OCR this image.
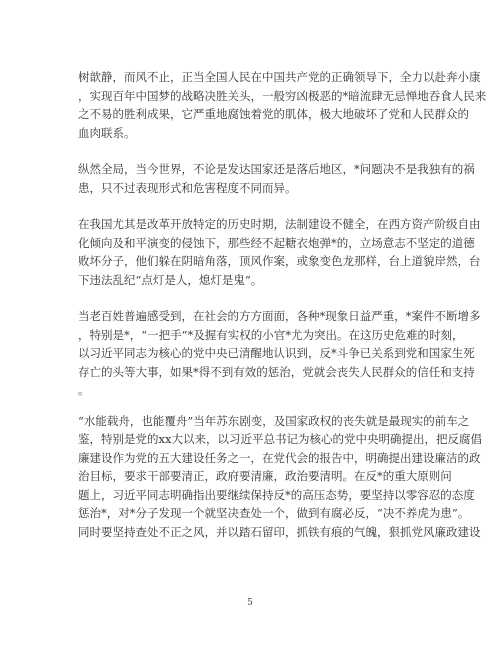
树歆静，而风不止，正当全国人民在中国共产党的正确领导下，全力以赴奔小康
，实现百年中国梦的战略决胜关头，一般穷凶极恶的*暗流肆无忌惮地吞食人民来
之不易的胜利成果，它严重地腐蚀着党的肌体，极大地破坏了党和人民群众的
血肉联系。
纵然全局，当今世界，不论是发达国家还是落后地区，*问题决不是我独有的祸
患，只不过表现形式和危害程度不同而异。
在我国尤其是改革开放特定的历史时期，法制建设不健全，在西方资产阶级自由
化倾向及和平演变的侵蚀下，那些经不起糖衣炮弹*的，立场意志不坚定的道德
败坏分子，他们躲在阴暗角落，顶风作案，或象变色龙那样，台上道貌岸然，台
下违法乱纪“点灯是人，熄灯是鬼”。
当老百姓普遍感受到，在社会的方方面面，各种*现象日益严重，*案件不断增多
，特别是*，“一把手”*及握有实权的小官*尤为突出。在这历史危难的时刻，
以习近平同志为核心的党中央已清醒地认识到，反*斗争已关系到党和国家生死
存亡的头等大事，如果*得不到有效的惩治，党就会丧失人民群众的信任和支持
。
“水能载舟，也能覆舟”当年苏东剧变，及国家政权的丧失就是最现实的前车之
鉴，特别是党的xx大以来，以习近平总书记为核心的党中央明确提出，把反腐倡
廉建设作为党的五大建设任务之一，在党代会的报告中，明确提出建设廉洁的政
治目标，要求干部要清正，政府要清廉，政治要清明。在反*的重大原则问
题上，习近平同志明确指出要继续保持反*的高压态势，要坚持以零容忍的态度
惩治*，对*分子发现一个就坚决查处一个，做到有腐必反，“决不养虎为患”。
同时要坚持查处不正之风，并以踏石留印，抓铁有痕的气魄，狠抓党风廉政建设
5
